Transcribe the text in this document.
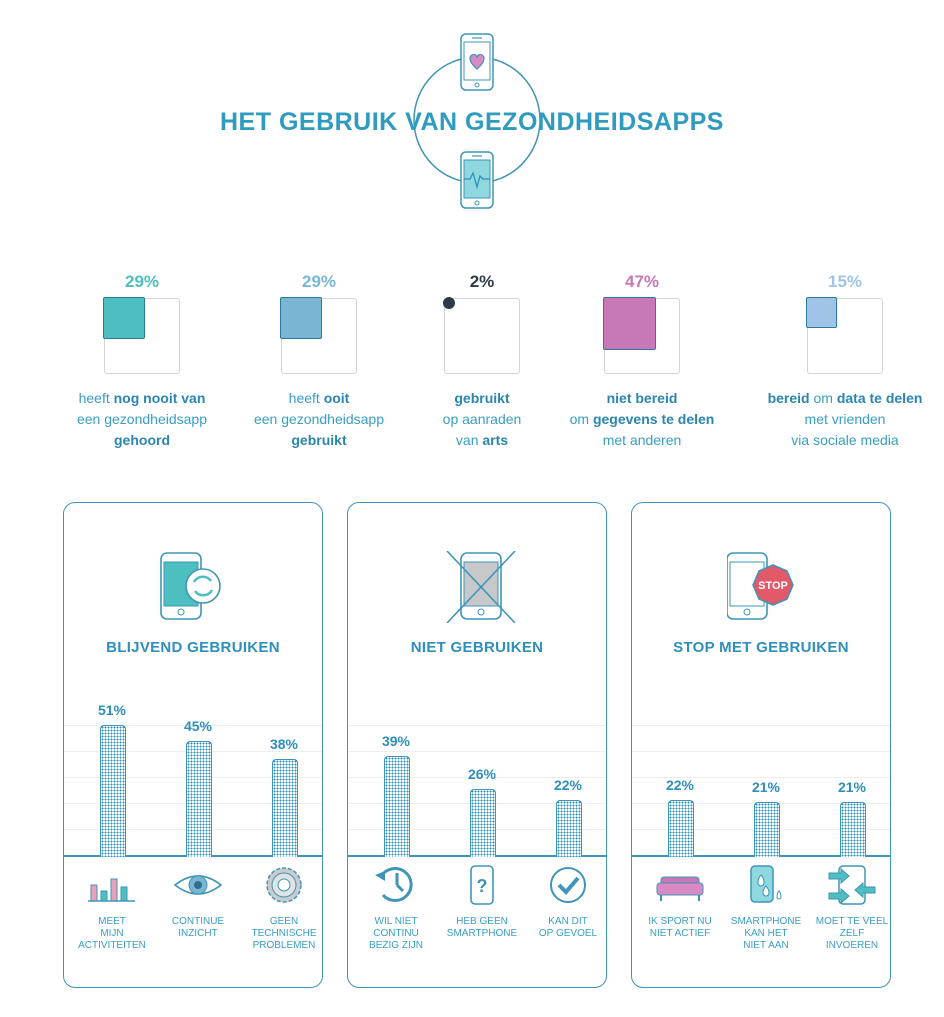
HET GEBRUIK VAN GEZONDHEIDSAPPS
29%
heeft nog nooit van
een gezondheidsapp
gehoord
29%
heeft ooit
een gezondheidsapp
gebruikt
2%
gebruikt
op aanraden
van arts
47%
niet bereid
om gegevens te delen
met anderen
15%
bereid om data te delen
met vrienden
via sociale media
BLIJVEND GEBRUIKEN
51%
MEET
MIJN
ACTIVITEITEN
45%
CONTINUE
INZICHT
38%
GEEN
TECHNISCHE
PROBLEMEN
NIET GEBRUIKEN
39%
WIL NIET
CONTINU
BEZIG ZIJN
26%
?
HEB GEEN
SMARTPHONE
22%
KAN DIT
OP GEVOEL
STOP
STOP MET GEBRUIKEN
22%
IK SPORT NU
NIET ACTIEF
21%
SMARTPHONE
KAN HET
NIET AAN
21%
MOET TE VEEL
ZELF
INVOEREN
